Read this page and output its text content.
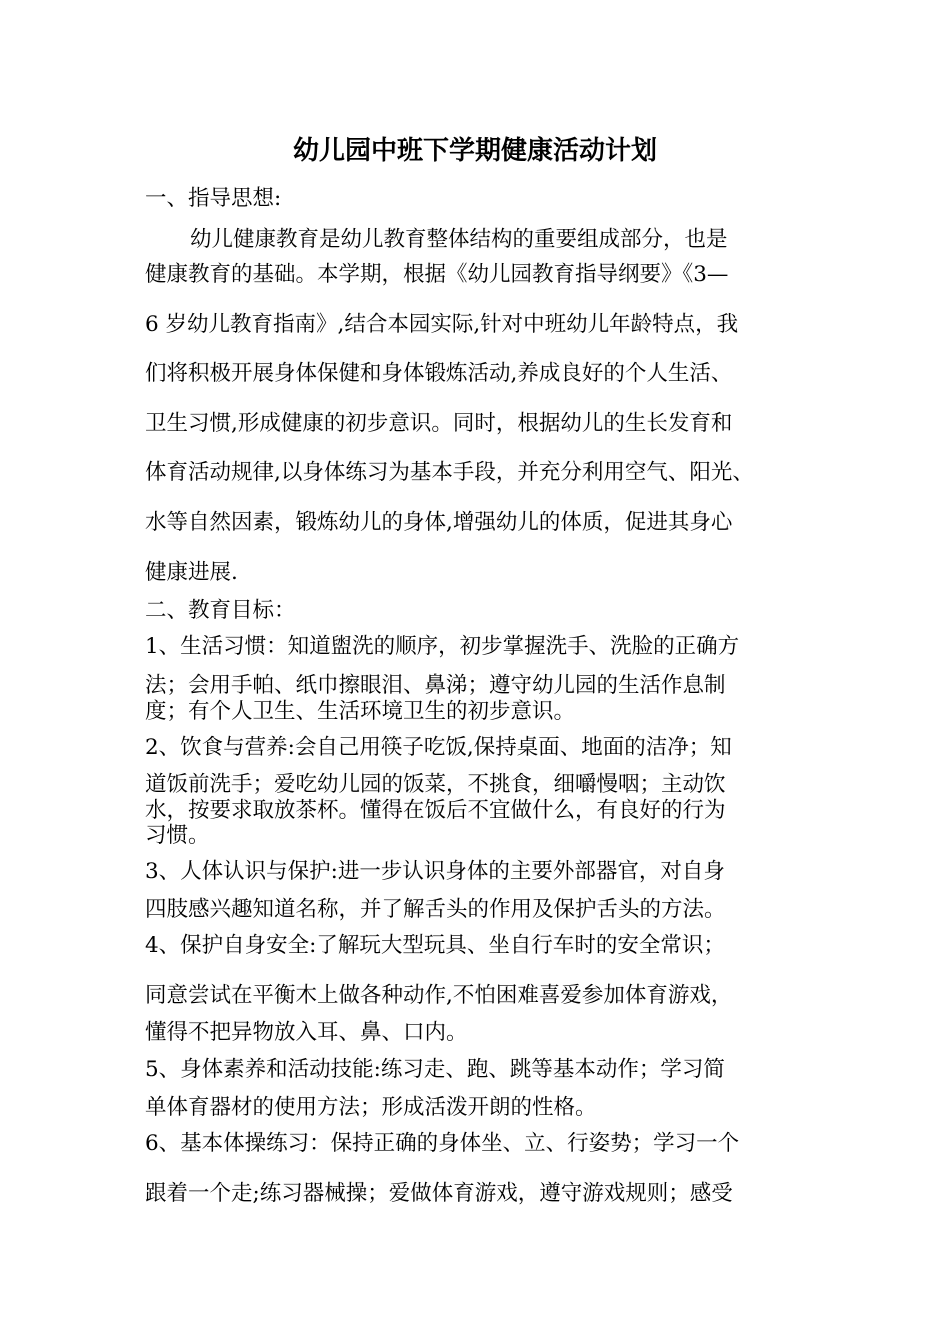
幼儿园中班下学期健康活动计划
一、指导思想:
幼儿健康教育是幼儿教育整体结构的重要组成部分，也是
健康教育的基础。本学期，根据《幼儿园教育指导纲要》《3—
6 岁幼儿教育指南》,结合本园实际,针对中班幼儿年龄特点，我
们将积极开展身体保健和身体锻炼活动,养成良好的个人生活、
卫生习惯,形成健康的初步意识。同时，根据幼儿的生长发育和
体育活动规律,以身体练习为基本手段，并充分利用空气、阳光、
水等自然因素，锻炼幼儿的身体,增强幼儿的体质，促进其身心
健康进展.
二、教育目标：
1、生活习惯：知道盥洗的顺序，初步掌握洗手、洗脸的正确方
法；会用手帕、纸巾擦眼泪、鼻涕；遵守幼儿园的生活作息制
度；有个人卫生、生活环境卫生的初步意识。
2、饮食与营养:会自己用筷子吃饭,保持桌面、地面的洁净；知
道饭前洗手；爱吃幼儿园的饭菜，不挑食，细嚼慢咽；主动饮
水，按要求取放茶杯。懂得在饭后不宜做什么，有良好的行为
习惯。
3、人体认识与保护:进一步认识身体的主要外部器官，对自身
四肢感兴趣知道名称，并了解舌头的作用及保护舌头的方法。
4、保护自身安全:了解玩大型玩具、坐自行车时的安全常识；
同意尝试在平衡木上做各种动作,不怕困难喜爱参加体育游戏，
懂得不把异物放入耳、鼻、口内。
5、身体素养和活动技能:练习走、跑、跳等基本动作；学习简
单体育器材的使用方法；形成活泼开朗的性格。
6、基本体操练习：保持正确的身体坐、立、行姿势；学习一个
跟着一个走;练习器械操；爱做体育游戏，遵守游戏规则；感受
